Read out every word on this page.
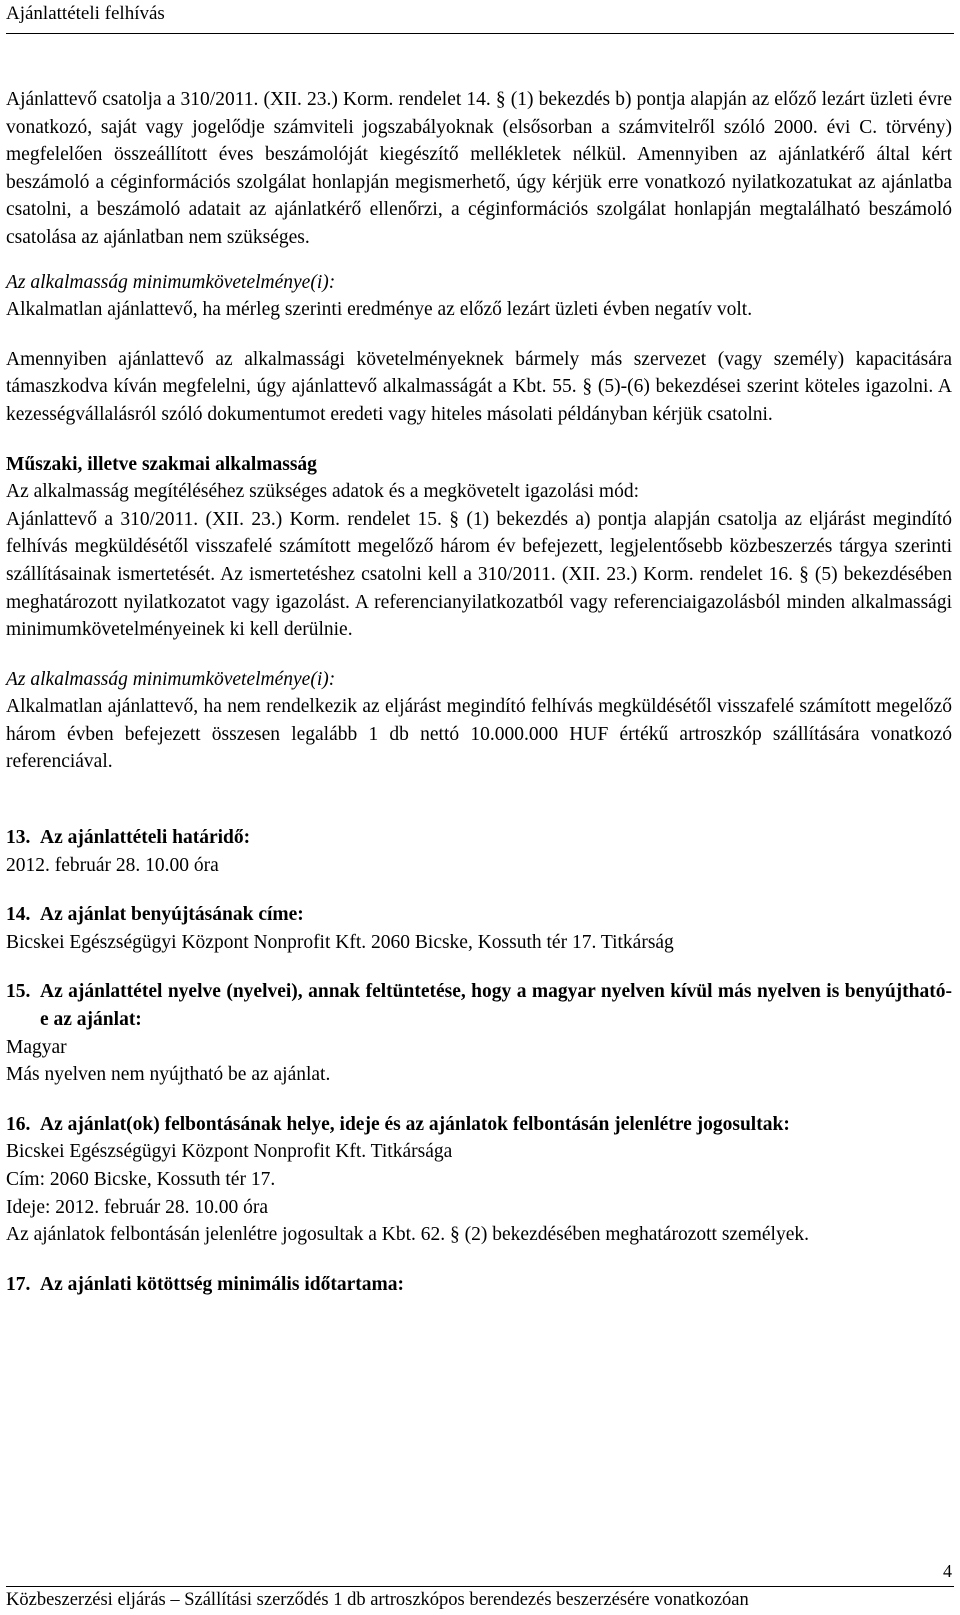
Ajánlattételi felhívás

Ajánlattevő csatolja a 310/2011. (XII. 23.) Korm. rendelet 14. § (1) bekezdés b) pontja alapján az előző lezárt üzleti évre vonatkozó, saját vagy jogelődje számviteli jogszabályoknak (elsősorban a számvitelről szóló 2000. évi C. törvény) megfelelően összeállított éves beszámolóját kiegészítő mellékletek nélkül. Amennyiben az ajánlatkérő által kért beszámoló a céginformációs szolgálat honlapján megismerhető, úgy kérjük erre vonatkozó nyilatkozatukat az ajánlatba csatolni, a beszámoló adatait az ajánlatkérő ellenőrzi, a céginformációs szolgálat honlapján megtalálható beszámoló csatolása az ajánlatban nem szükséges.

Az alkalmasság minimumkövetelménye(i):

Alkalmatlan ajánlattevő, ha mérleg szerinti eredménye az előző lezárt üzleti évben negatív volt.

Amennyiben ajánlattevő az alkalmassági követelményeknek bármely más szervezet (vagy személy) kapacitására támaszkodva kíván megfelelni, úgy ajánlattevő alkalmasságát a Kbt. 55. § (5)-(6) bekezdései szerint köteles igazolni. A kezességvállalásról szóló dokumentumot eredeti vagy hiteles másolati példányban kérjük csatolni.

Műszaki, illetve szakmai alkalmasság

Az alkalmasság megítéléséhez szükséges adatok és a megkövetelt igazolási mód:

Ajánlattevő a 310/2011. (XII. 23.) Korm. rendelet 15. § (1) bekezdés a) pontja alapján csatolja az eljárást megindító felhívás megküldésétől visszafelé számított megelőző három év befejezett, legjelentősebb közbeszerzés tárgya szerinti szállításainak ismertetését. Az ismertetéshez csatolni kell a 310/2011. (XII. 23.) Korm. rendelet 16. § (5) bekezdésében meghatározott nyilatkozatot vagy igazolást. A referencianyilatkozatból vagy referenciaigazolásból minden alkalmassági minimumkövetelményeinek ki kell derülnie.

Az alkalmasság minimumkövetelménye(i):

Alkalmatlan ajánlattevő, ha nem rendelkezik az eljárást megindító felhívás megküldésétől visszafelé számított megelőző három évben befejezett összesen legalább 1 db nettó 10.000.000 HUF értékű artroszkóp szállítására vonatkozó referenciával.

13. Az ajánlattételi határidő:

2012. február 28. 10.00 óra

14. Az ajánlat benyújtásának címe:

Bicskei Egészségügyi Központ Nonprofit Kft. 2060 Bicske, Kossuth tér 17. Titkárság

15. Az ajánlattétel nyelve (nyelvei), annak feltüntetése, hogy a magyar nyelven kívül más nyelven is benyújtható-e az ajánlat:

Magyar

Más nyelven nem nyújtható be az ajánlat.

16. Az ajánlat(ok) felbontásának helye, ideje és az ajánlatok felbontásán jelenlétre jogosultak:

Bicskei Egészségügyi Központ Nonprofit Kft. Titkársága

Cím: 2060 Bicske, Kossuth tér 17.

Ideje: 2012. február 28. 10.00 óra

Az ajánlatok felbontásán jelenlétre jogosultak a Kbt. 62. § (2) bekezdésében meghatározott személyek.

17. Az ajánlati kötöttség minimális időtartama:
4
Közbeszerzési eljárás – Szállítási szerződés 1 db artroszkópos berendezés beszerzésére vonatkozóan
